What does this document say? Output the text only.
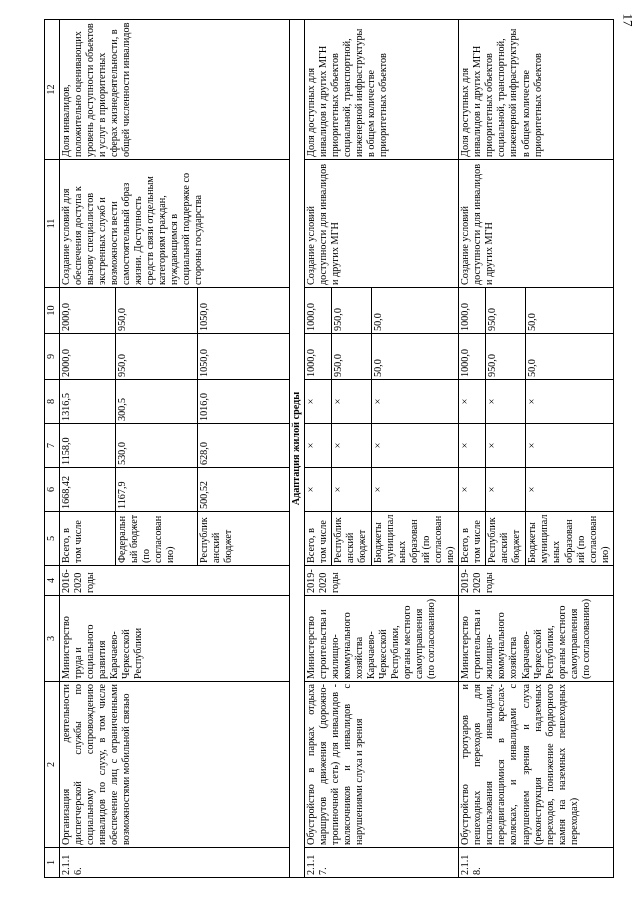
17
1	2	3	4	5	6	7	8	9	10	11	12
2.1.16.	Организация деятельности диспетчерской службы по социальному сопровождению инвалидов по слуху, в том числе обеспечение лиц с ограниченными возможностями мобильной связью	Министерство труда и социального развития Карачаево-Черкесской Республики	2016-2020 годы	Всего, в том числе	1668,42	1158,0	1316,5	2000,0	2000,0	Создание условий для обеспечения доступа к вызову специалистов экстренных служб и возможности вести самостоятельный образ жизни. Доступность средств связи отдельным категориям граждан, нуждающимся в социальной поддержке со стороны государства	Доля инвалидов, положительно оценивающих уровень доступности объектов и услуг в приоритетных сферах жизнедеятельности, в общей численности инвалидов
				Федеральный бюджет (по согласованию)	1167,9	530,0	300,5	950,0	950,0		
				Республиканский бюджет	500,52	628,0	1016,0	1050,0	1050,0		
Адаптация жилой среды											
2.1.17.	Обустройство в парках отдыха маршрутов движения (дорожно-тропиночной сеть) для инвалидов - колясочников и инвалидов с нарушениями слуха и зрения	Министерство строительства и жилищно-коммунального хозяйства Карачаево-Черкесской Республики, органы местного самоуправления (по согласованию)	2019-2020 годы	Всего, в том числе	×	×	×	1000,0	1000,0	Создание условий доступности для инвалидов и других МГН	Доля доступных для инвалидов и других МГН приоритетных объектов социальной, транспортной, инженерной инфраструктуры в общем количестве приоритетных объектов
				Республиканский бюджет	×	×	×	950,0	950,0		
				Бюджеты муниципальных образований (по согласованию)	×	×	×	50,0	50,0		
2.1.18.	Обустройство тротуаров и пешеходных переходов для использования инвалидами, передвигающимися в креслах-колясках, и инвалидами с нарушением зрения и слуха (реконструкция надземных переходов, понижение бордюрного камня на наземных пешеходных переходах)	Министерство строительства и жилищно-коммунального хозяйства Карачаево-Черкесской Республики, органы местного самоуправления (по согласованию)	2019-2020 годы	Всего, в том числе	×	×	×	1000,0	1000,0	Создание условий доступности для инвалидов и других МГН	Доля доступных для инвалидов и других МГН приоритетных объектов социальной, транспортной, инженерной инфраструктуры в общем количестве приоритетных объектов
				Республиканский бюджет	×	×	×	950,0	950,0		
				Бюджеты муниципальных образований (по согласованию)	×	×	×	50,0	50,0		
